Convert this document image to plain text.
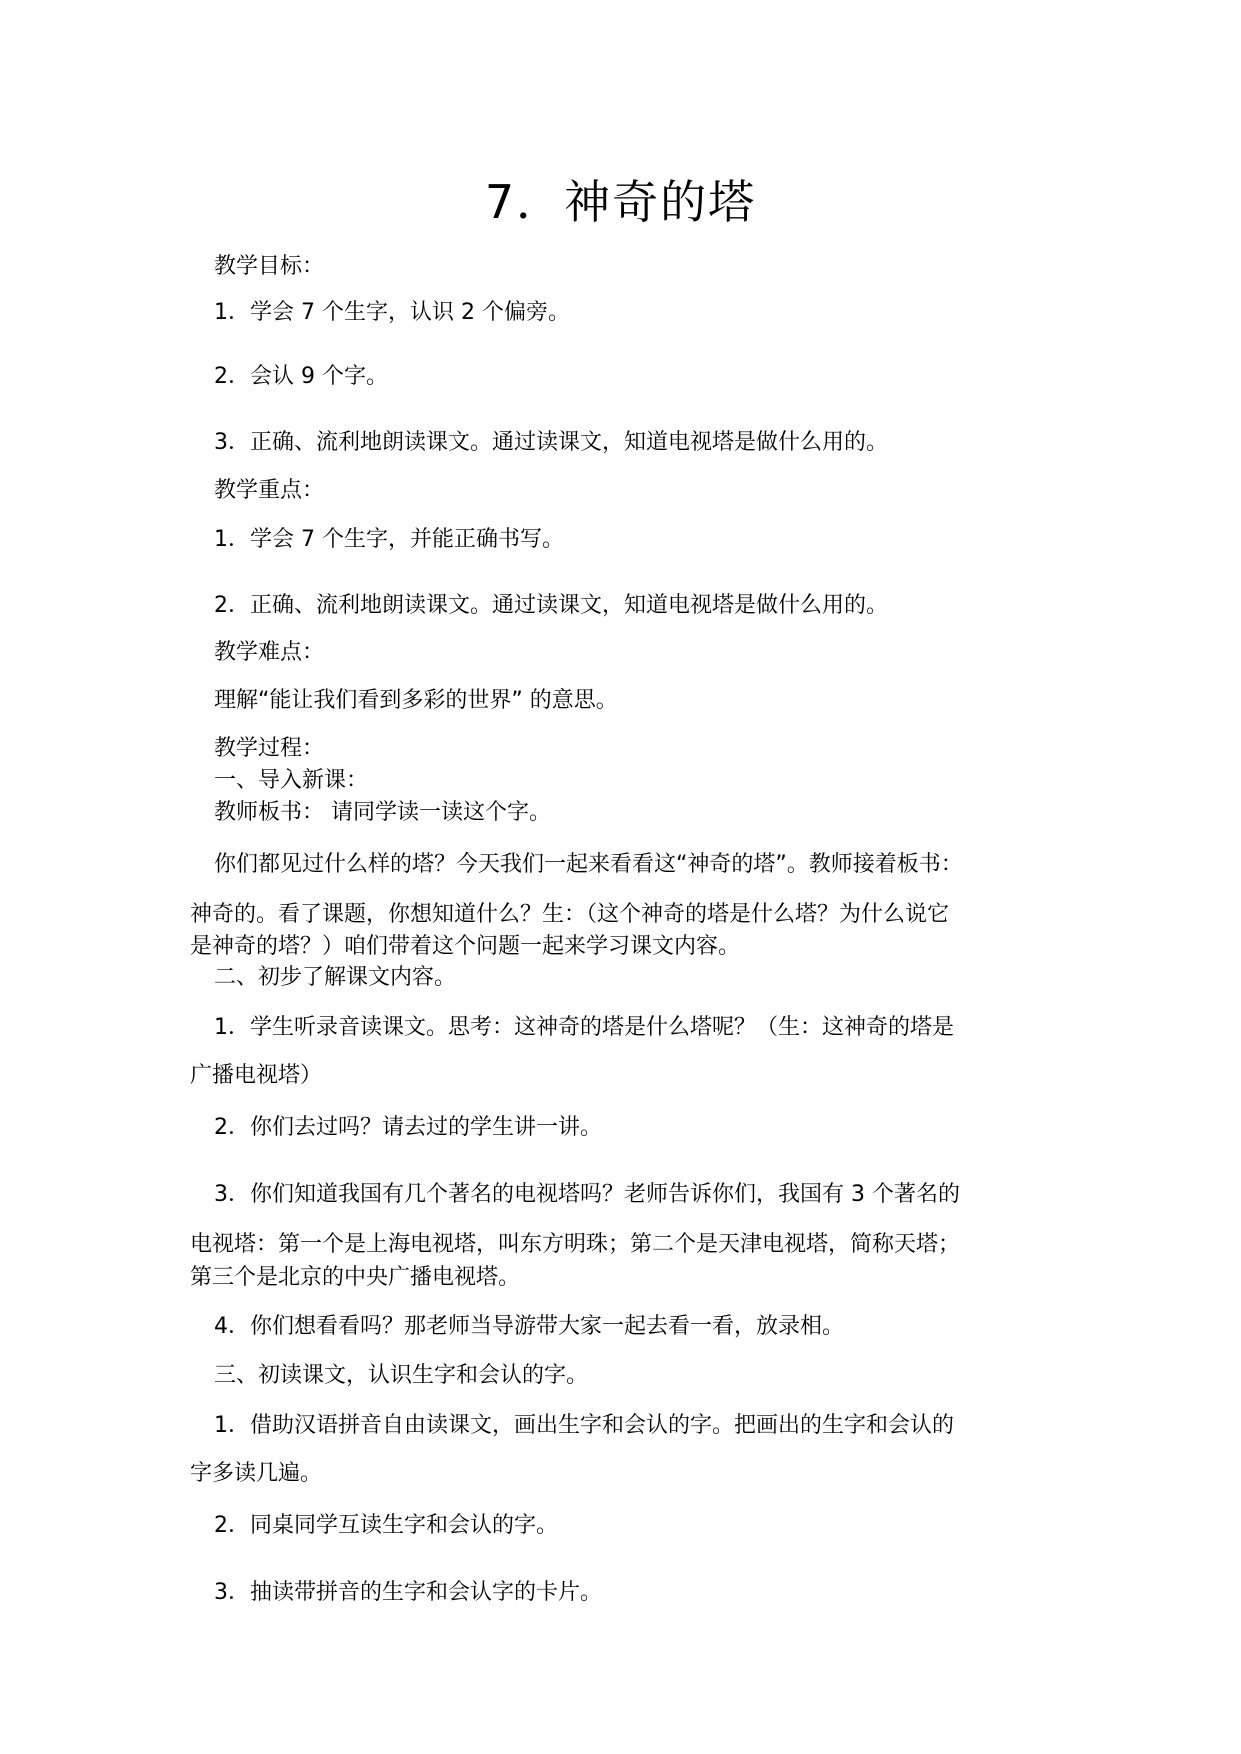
7．神奇的塔
教学目标：
1．学会 7 个生字，认识 2 个偏旁。
2．会认 9 个字。
3．正确、流利地朗读课文。通过读课文，知道电视塔是做什么用的。
教学重点：
1．学会 7 个生字，并能正确书写。
2．正确、流利地朗读课文。通过读课文，知道电视塔是做什么用的。
教学难点：
理解“能让我们看到多彩的世界” 的意思。
教学过程：
一、导入新课：
教师板书： 请同学读一读这个字。
你们都见过什么样的塔？今天我们一起来看看这“神奇的塔”。教师接着板书：
神奇的。看了课题，你想知道什么？生：（这个神奇的塔是什么塔？为什么说它
是神奇的塔？）咱们带着这个问题一起来学习课文内容。
二、初步了解课文内容。
1．学生听录音读课文。思考：这神奇的塔是什么塔呢？（生：这神奇的塔是
广播电视塔）
2．你们去过吗？请去过的学生讲一讲。
3．你们知道我国有几个著名的电视塔吗？老师告诉你们，我国有 3 个著名的
电视塔：第一个是上海电视塔，叫东方明珠；第二个是天津电视塔，简称天塔；
第三个是北京的中央广播电视塔。
4．你们想看看吗？那老师当导游带大家一起去看一看，放录相。
三、初读课文，认识生字和会认的字。
1．借助汉语拼音自由读课文，画出生字和会认的字。把画出的生字和会认的
字多读几遍。
2．同桌同学互读生字和会认的字。
3．抽读带拼音的生字和会认字的卡片。
